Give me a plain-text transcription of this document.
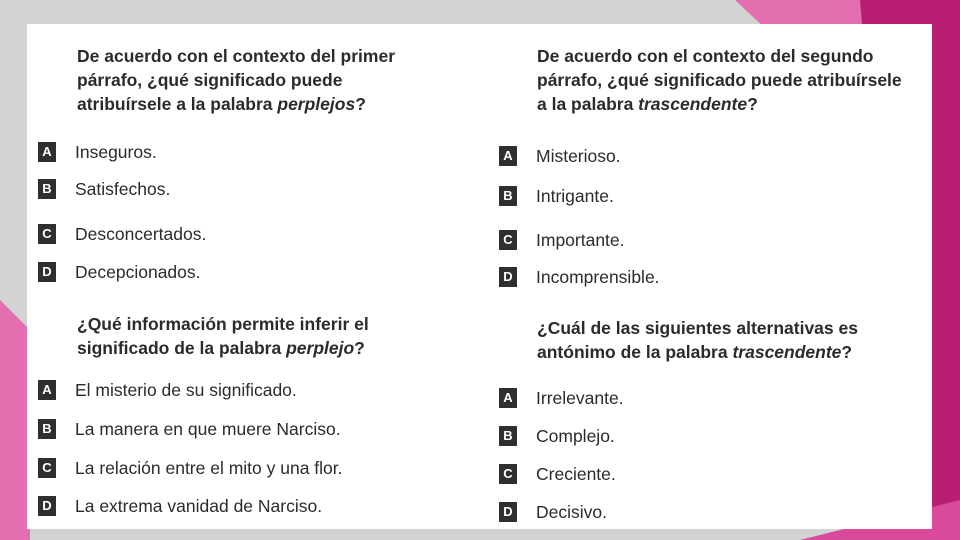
De acuerdo con el contexto del primer
párrafo, ¿qué significado puede
atribuírsele a la palabra perplejos?
A Inseguros.
B Satisfechos.
C Desconcertados.
D Decepcionados.
¿Qué información permite inferir el
significado de la palabra perplejo?
A El misterio de su significado.
B La manera en que muere Narciso.
C La relación entre el mito y una flor.
D La extrema vanidad de Narciso.
De acuerdo con el contexto del segundo
párrafo, ¿qué significado puede atribuírsele
a la palabra trascendente?
A Misterioso.
B Intrigante.
C Importante.
D Incomprensible.
¿Cuál de las siguientes alternativas es
antónimo de la palabra trascendente?
A Irrelevante.
B Complejo.
C Creciente.
D Decisivo.
